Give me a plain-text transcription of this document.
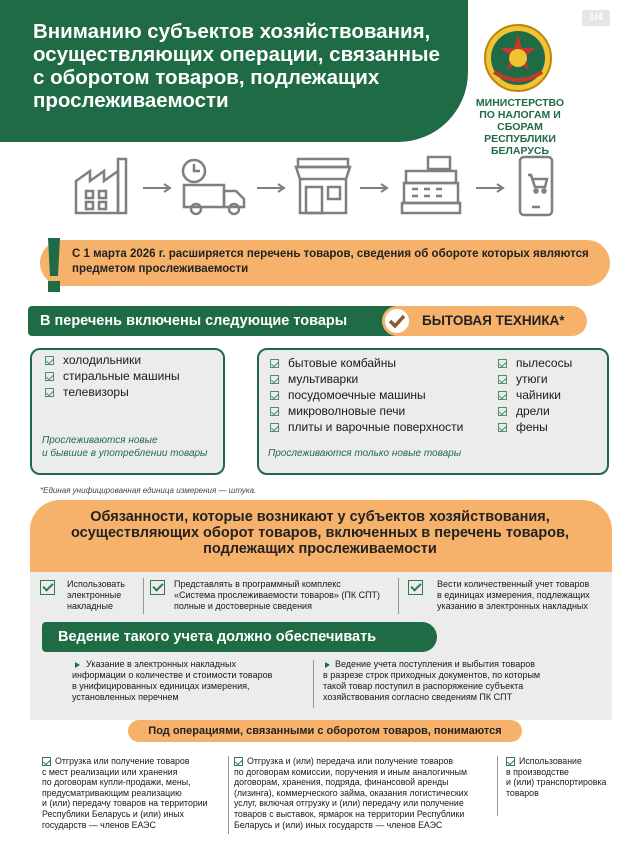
Вниманию субъектов хозяйствования, осуществляющих операции, связанные с оборотом товаров, подлежащих прослеживаемости
1/4
МИНИСТЕРСТВО
ПО НАЛОГАМ И СБОРАМ
РЕСПУБЛИКИ БЕЛАРУСЬ
С 1 марта 2026 г. расширяется перечень товаров, сведения об обороте которых являются предметом прослеживаемости
В перечень включены следующие товары	БЫТОВАЯ ТЕХНИКА*
холодильники
стиральные машины
телевизоры
Прослеживаются новые
и бывшие в употреблении товары
бытовые комбайны
мультиварки
посудомоечные машины
микроволновые печи
плиты и варочные поверхности
пылесосы
утюги
чайники
дрели
фены
Прослеживаются только новые товары
*Единая унифицированная единица измерения — штука.
Обязанности, которые возникают у субъектов хозяйствования, осуществляющих оборот товаров, включенных в перечень товаров, подлежащих прослеживаемости
Использовать
электронные
накладные
Представлять в программный комплекс
«Система прослеживаемости товаров» (ПК СПТ)
полные и достоверные сведения
Вести количественный учет товаров
в единицах измерения, подлежащих
указанию в электронных накладных
Ведение такого учета должно обеспечивать
Указание в электронных накладных
информации о количестве и стоимости товаров
в унифицированных единицах измерения,
установленных перечнем
Ведение учета поступления и выбытия товаров
в разрезе строк приходных документов, по которым
такой товар поступил в распоряжение субъекта
хозяйствования согласно сведениям ПК СПТ
Под операциями, связанными с оборотом товаров, понимаются
Отгрузка или получение товаров
с мест реализации или хранения
по договорам купли-продажи, мены,
предусматривающим реализацию
и (или) передачу товаров на территории
Республики Беларусь и (или) иных
государств — членов ЕАЭС
Отгрузка и (или) передача или получение товаров
по договорам комиссии, поручения и иным аналогичным
договорам, хранения, подряда, финансовой аренды
(лизинга), коммерческого займа, оказания логистических
услуг, включая отгрузку и (или) передачу или получение
товаров с выставок, ярмарок на территории Республики
Беларусь и (или) иных государств — членов ЕАЭС
Использование
в производстве
и (или) транспортировка
товаров
